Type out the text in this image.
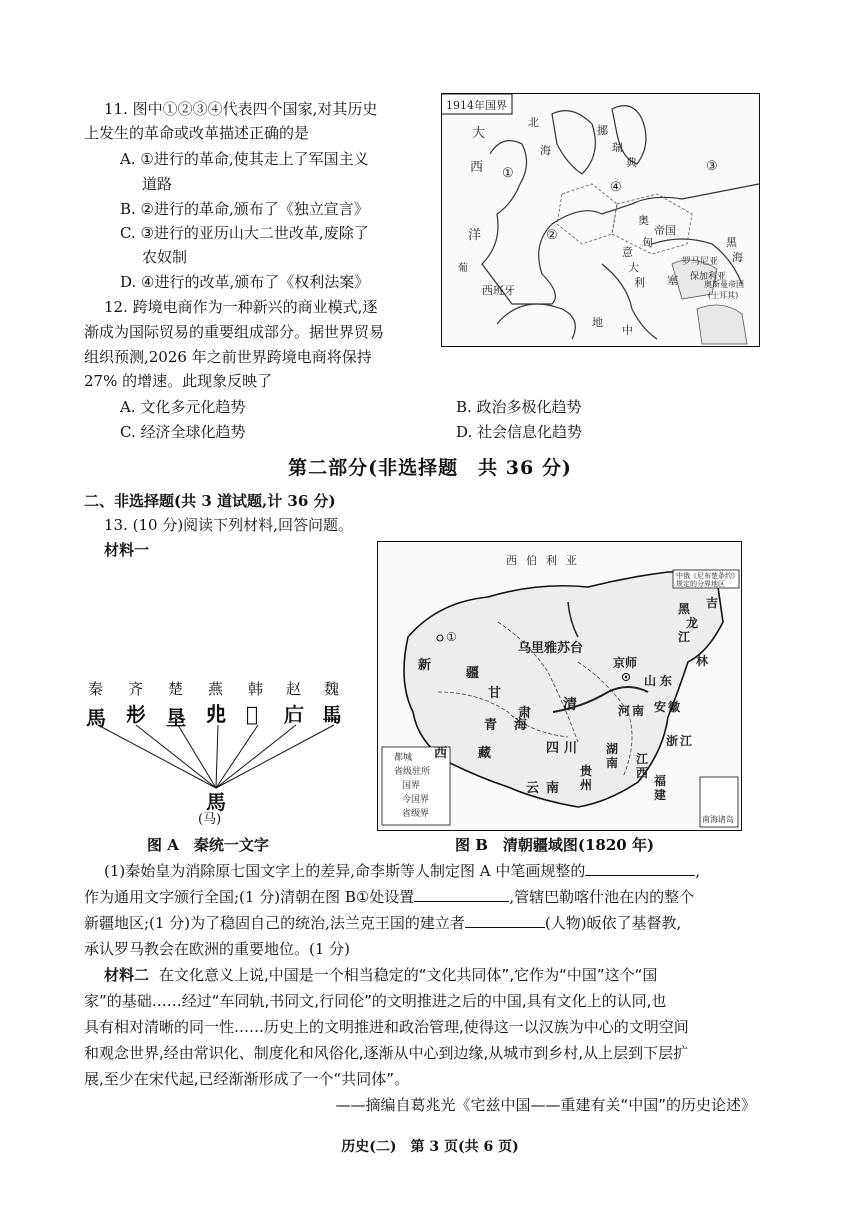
11. 图中①②③④代表四个国家,对其历史
上发生的革命或改革描述正确的是
A. ①进行的革命,使其走上了军国主义
道路
B. ②进行的革命,颁布了《独立宣言》
C. ③进行的亚历山大二世改革,废除了
农奴制
D. ④进行的改革,颁布了《权利法案》
1914年国界
大
西
洋
北
海
挪
瑞
典
①
②
③
④
帝国
奥
匈
罗马尼亚
保加利亚
塞
意
大
利
西班牙
葡
黑
海
奥斯曼帝国
(土耳其)
地
中
12. 跨境电商作为一种新兴的商业模式,逐
渐成为国际贸易的重要组成部分。据世界贸易
组织预测,2026 年之前世界跨境电商将保持
27% 的增速。此现象反映了
A. 文化多元化趋势	B. 政治多极化趋势
C. 经济全球化趋势	D. 社会信息化趋势
第二部分(非选择题　共 36 分)
二、非选择题(共 3 道试题,计 36 分)
13. (10 分)阅读下列材料,回答问题。
材料一
秦 齐 楚 燕 韩 赵 魏
馬 𢒈 垦 𠑹 𠃧 𢇞 𩡧
馬
(马)
图 A　秦统一文字
西 伯 利 亚
乌里雅苏台
新
疆
①
京师
甘
肃
青 海
西 藏	四 川
云 南
贵
州
湖
南 江
西
浙 江
福
建
河 南 安 徽
山 东
黑
龙
江
吉
林
清
中俄《尼布楚条约》规定的分界地区
都城
省级驻所
国界
今国界
省级界
南海诸岛
图 B　清朝疆域图(1820 年)
(1)秦始皇为消除原七国文字上的差异,命李斯等人制定图 A 中笔画规整的	,
作为通用文字颁行全国;(1 分)清朝在图 B①处设置	,管辖巴勒喀什池在内的整个
新疆地区;(1 分)为了稳固自己的统治,法兰克王国的建立者	(人物)皈依了基督教,
承认罗马教会在欧洲的重要地位。(1 分)
材料二 在文化意义上说,中国是一个相当稳定的“文化共同体”,它作为“中国”这个“国
家”的基础……经过“车同轨,书同文,行同伦”的文明推进之后的中国,具有文化上的认同,也
具有相对清晰的同一性……历史上的文明推进和政治管理,使得这一以汉族为中心的文明空间
和观念世界,经由常识化、制度化和风俗化,逐渐从中心到边缘,从城市到乡村,从上层到下层扩
展,至少在宋代起,已经渐渐形成了一个“共同体”。
——摘编自葛兆光《宅兹中国——重建有关“中国”的历史论述》
历史(二)　第 3 页(共 6 页)
